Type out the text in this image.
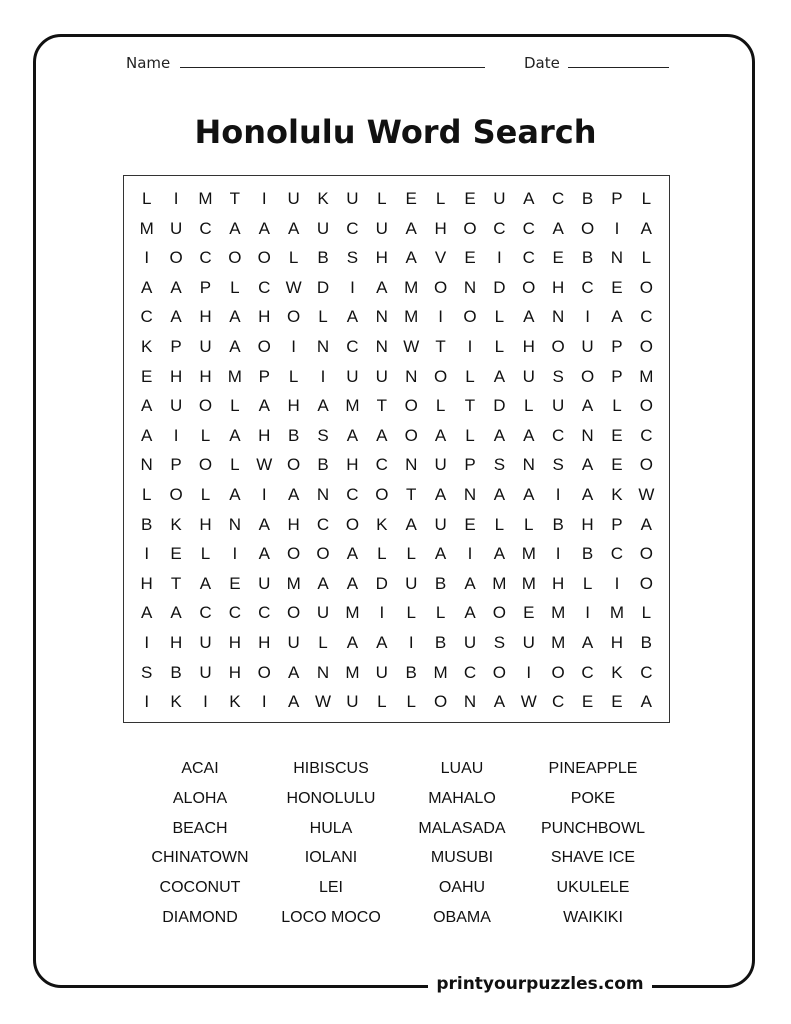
Name	Date
Honolulu Word Search
L	I	M	T	I	U	K	U	L	E	L	E	U	A	C	B	P	L
M U	C	A	A	A	U	C	U	A	H O C	C	A	O	I	A
I	O C O O	L	B	S	H	A	V	E	I	C	E	B	N	L
A	A	P	L	C W D	I	A M O N	D O H	C	E	O
C	A	H	A	H O	L	A	N M	I	O	L	A	N	I	A	C
K	P	U	A	O	I	N	C	N W T	I	L	H O U	P	O
E	H	H M P	L	I	U	U	N O	L	A	U	S	O	P M
A	U O	L	A	H	A M	T	O	L	T	D	L	U	A	L	O
A	I	L	A	H	B	S	A	A	O	A	L	A	A	C	N	E	C
N	P	O	L W O	B	H	C	N	U	P	S	N	S	A	E	O
L	O	L	A	I	A	N	C O	T	A	N	A	A	I	A	K W
B	K	H	N	A	H	C O	K	A	U	E	L	L	B	H	P	A
I	E	L	I	A	O O	A	L	L	A	I	A M	I	B	C O
H	T	A	E	U M A	A	D	U	B	A M M H	L	I	O
A	A	C	C	C O U M	I	L	L	A	O	E M	I	M	L
I	H	U	H	H	U	L	A	A	I	B	U	S	U M A	H	B
S	B	U	H O	A	N M U	B M C O	I	O C	K	C
I	K	I	K	I	A W U	L	L	O N	A W C	E	E	A
ACAI	HIBISCUS	LUAU	PINEAPPLE
ALOHA	HONOLULU	MAHALO	POKE
BEACH	HULA	MALASADA	PUNCHBOWL
CHINATOWN	IOLANI	MUSUBI	SHAVE ICE
COCONUT	LEI	OAHU	UKULELE
DIAMOND	LOCO MOCO	OBAMA	WAIKIKI
printyourpuzzles.com
